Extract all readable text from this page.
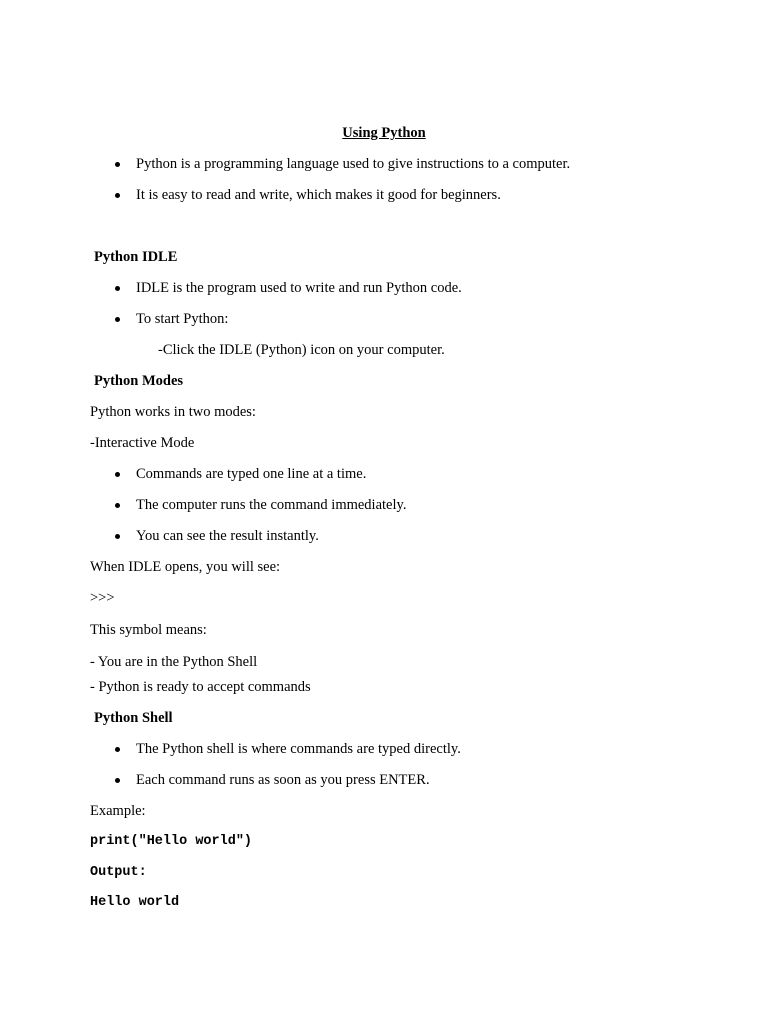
Using Python
Python is a programming language used to give instructions to a computer.
It is easy to read and write, which makes it good for beginners.
Python IDLE
IDLE is the program used to write and run Python code.
To start Python:
-Click the IDLE (Python) icon on your computer.
Python Modes
Python works in two modes:
-Interactive Mode
Commands are typed one line at a time.
The computer runs the command immediately.
You can see the result instantly.
When IDLE opens, you will see:
>>>
This symbol means:
- You are in the Python Shell
- Python is ready to accept commands
Python Shell
The Python shell is where commands are typed directly.
Each command runs as soon as you press ENTER.
Example:
print("Hello world")
Output:
Hello world
